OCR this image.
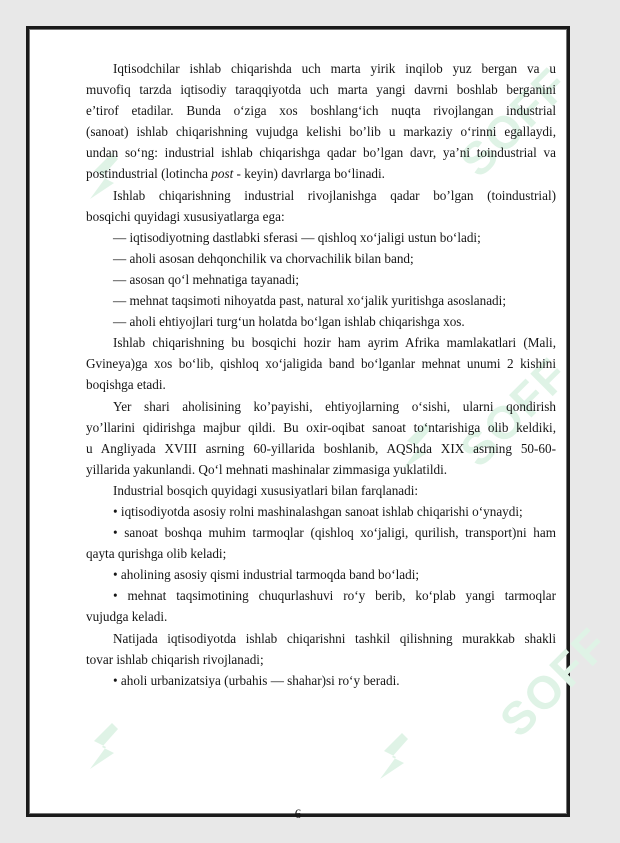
SOFF
SOFF
SOFF

Iqtisodchilar ishlab chiqarishda uch marta yirik inqilob yuz bergan va u

muvofiq tarzda iqtisodiy taraqqiyotda uch marta yangi davrni boshlab berganini

e’tirof etadilar. Bunda o‘ziga xos boshlang‘ich nuqta rivojlangan industrial

(sanoat) ishlab chiqarishning vujudga kelishi bo’lib u markaziy o‘rinni egallaydi,

undan so‘ng: industrial ishlab chiqarishga qadar bo’lgan davr, ya’ni toindustrial va

postindustrial (lotincha post - keyin) davrlarga bo‘linadi.

Ishlab chiqarishning industrial rivojlanishga qadar bo’lgan (toindustrial)

bosqichi quyidagi xususiyatlarga ega:

— iqtisodiyotning dastlabki sferasi — qishloq xo‘jaligi ustun bo‘ladi;

— aholi asosan dehqonchilik va chorvachilik bilan band;

— asosan qo‘l mehnatiga tayanadi;

— mehnat taqsimoti nihoyatda past, natural xo‘jalik yuritishga asoslanadi;

— aholi ehtiyojlari turg‘un holatda bo‘lgan ishlab chiqarishga xos.

Ishlab chiqarishning bu bosqichi hozir ham ayrim Afrika mamlakatlari (Mali,

Gvineya)ga xos bo‘lib, qishloq xo‘jaligida band bo‘lganlar mehnat unumi 2 kishini

boqishga etadi.

Yer shari aholisining ko’payishi, ehtiyojlarning o‘sishi, ularni qondirish

yo’llarini qidirishga majbur qildi. Bu oxir-oqibat sanoat to‘ntarishiga olib keldiki,

u Angliyada XVIII asrning 60-yillarida boshlanib, AQShda XIX asrning 50-60-

yillarida yakunlandi. Qo‘l mehnati mashinalar zimmasiga yuklatildi.

Industrial bosqich quyidagi xususiyatlari bilan farqlanadi:

• iqtisodiyotda asosiy rolni mashinalashgan sanoat ishlab chiqarishi o‘ynaydi;

• sanoat boshqa muhim tarmoqlar (qishloq xo‘jaligi, qurilish, transport)ni ham

qayta qurishga olib keladi;

• aholining asosiy qismi industrial tarmoqda band bo‘ladi;

• mehnat taqsimotining chuqurlashuvi ro‘y berib, ko‘plab yangi tarmoqlar

vujudga keladi.

Natijada iqtisodiyotda ishlab chiqarishni tashkil qilishning murakkab shakli

tovar ishlab chiqarish rivojlanadi;

• aholi urbanizatsiya (urbahis — shahar)si ro‘y beradi.

6
